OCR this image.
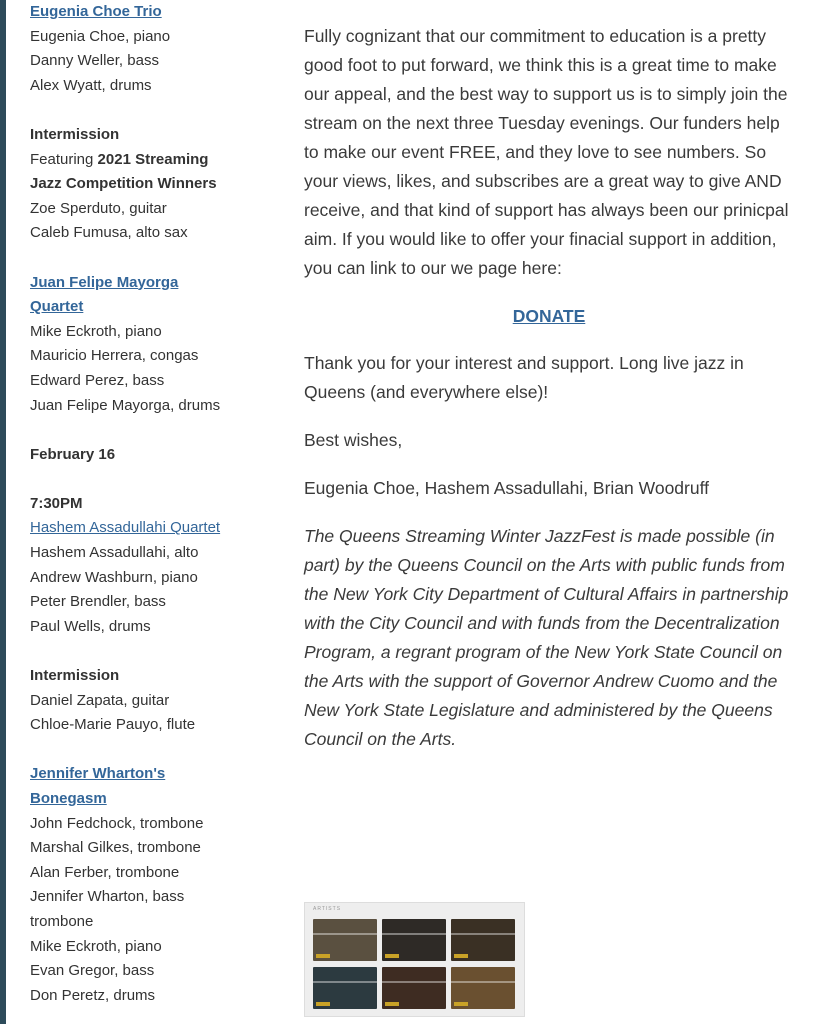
Eugenia Choe Trio
Eugenia Choe, piano
Danny Weller, bass
Alex Wyatt, drums
Intermission
Featuring 2021 Streaming
Jazz Competition Winners
Zoe Sperduto, guitar
Caleb Fumusa, alto sax
Juan Felipe Mayorga
Quartet
Mike Eckroth, piano
Mauricio Herrera, congas
Edward Perez, bass
Juan Felipe Mayorga, drums
February 16
7:30PM
Hashem Assadullahi Quartet
Hashem Assadullahi, alto
Andrew Washburn, piano
Peter Brendler, bass
Paul Wells, drums
Intermission
Daniel Zapata, guitar
Chloe-Marie Pauyo, flute
Jennifer Wharton's
Bonegasm
John Fedchock, trombone
Marshal Gilkes, trombone
Alan Ferber, trombone
Jennifer Wharton, bass
trombone
Mike Eckroth, piano
Evan Gregor, bass
Don Peretz, drums

Fully cognizant that our commitment to education is a pretty good foot to put forward, we think this is a great time to make our appeal, and the best way to support us is to simply join the stream on the next three Tuesday evenings. Our funders help to make our event FREE, and they love to see numbers. So your views, likes, and subscribes are a great way to give AND receive, and that kind of support has always been our prinicpal aim. If you would like to offer your finacial support in addition, you can link to our we page here:

DONATE

Thank you for your interest and support. Long live jazz in Queens (and everywhere else)!

Best wishes,

Eugenia Choe, Hashem Assadullahi, Brian Woodruff

The Queens Streaming Winter JazzFest is made possible (in part) by the Queens Council on the Arts with public funds from the New York City Department of Cultural Affairs in partnership with the City Council and with funds from the Decentralization Program, a regrant program of the New York State Council on the Arts with the support of Governor Andrew Cuomo and the New York State Legislature and administered by the Queens Council on the Arts.

ARTISTS
